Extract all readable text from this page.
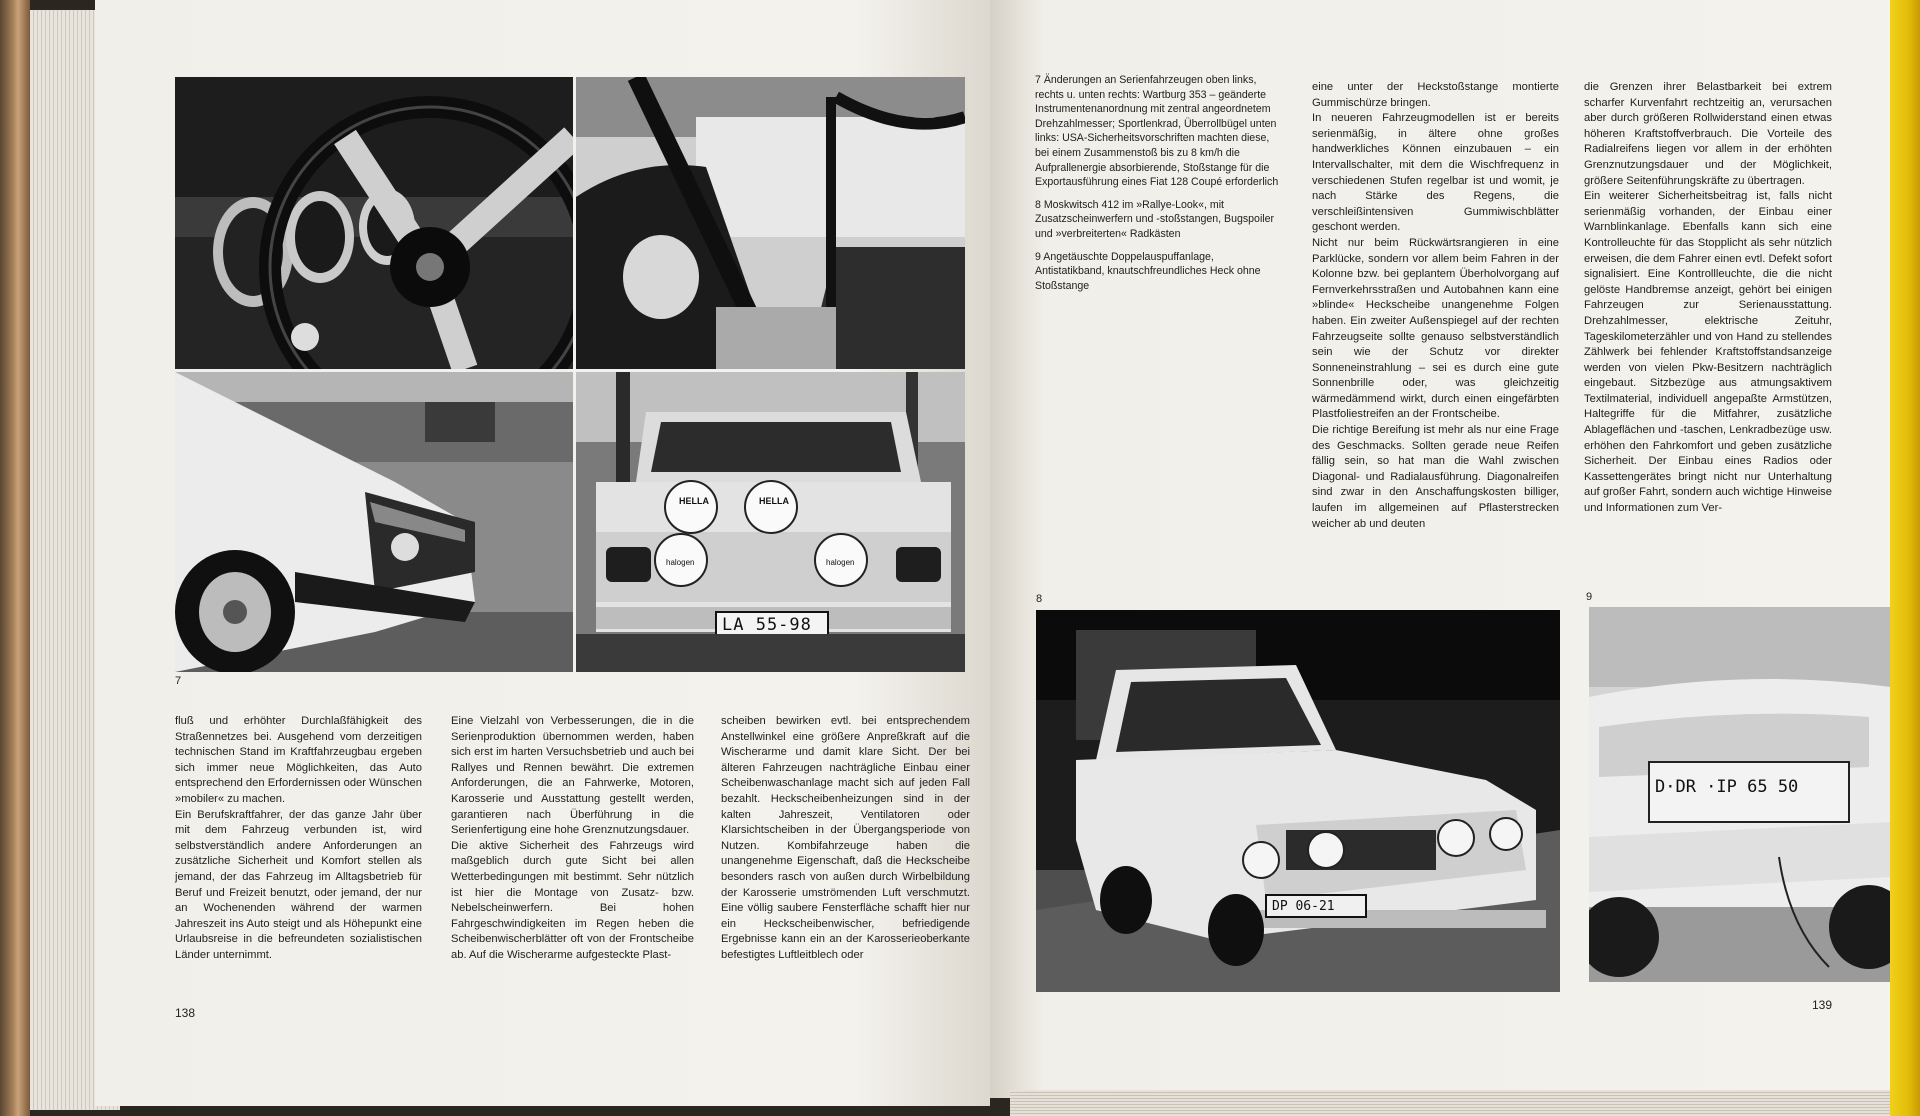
HELLA	HELLA
halogen	halogen
LA 55-98
7

fluß und erhöhter Durchlaßfähigkeit des Straßennetzes bei. Ausgehend vom derzeitigen technischen Stand im Kraftfahrzeugbau ergeben sich immer neue Möglichkeiten, das Auto entsprechend den Erfordernissen oder Wünschen »mobiler« zu machen.

Ein Berufskraftfahrer, der das ganze Jahr über mit dem Fahrzeug verbunden ist, wird selbstverständlich andere Anforderungen an zusätzliche Sicherheit und Komfort stellen als jemand, der das Fahrzeug im Alltagsbetrieb für Beruf und Freizeit benutzt, oder jemand, der nur an Wochenenden während der warmen Jahreszeit ins Auto steigt und als Höhepunkt eine Urlaubsreise in die befreundeten sozialistischen Länder unternimmt.

Eine Vielzahl von Verbesserungen, die in die Serienproduktion übernommen werden, haben sich erst im harten Versuchsbetrieb und auch bei Rallyes und Rennen bewährt. Die extremen Anforderungen, die an Fahrwerke, Motoren, Karosserie und Ausstattung gestellt werden, garantieren nach Überführung in die Serienfertigung eine hohe Grenznutzungsdauer.

Die aktive Sicherheit des Fahrzeugs wird maßgeblich durch gute Sicht bei allen Wetterbedingungen mit bestimmt. Sehr nützlich ist hier die Montage von Zusatz- bzw. Nebelscheinwerfern. Bei hohen Fahrgeschwindigkeiten im Regen heben die Scheibenwischerblätter oft von der Frontscheibe ab. Auf die Wischerarme aufgesteckte Plast-

scheiben bewirken evtl. bei entsprechendem Anstellwinkel eine größere Anpreßkraft auf die Wischerarme und damit klare Sicht. Der bei älteren Fahrzeugen nachträgliche Einbau einer Scheibenwaschanlage macht sich auf jeden Fall bezahlt. Heckscheibenheizungen sind in der kalten Jahreszeit, Ventilatoren oder Klarsichtscheiben in der Übergangsperiode von Nutzen. Kombifahrzeuge haben die unangenehme Eigenschaft, daß die Heckscheibe besonders rasch von außen durch Wirbelbildung der Karosserie umströmenden Luft verschmutzt. Eine völlig saubere Fensterfläche schafft hier nur ein Heckscheibenwischer, befriedigende Ergebnisse kann ein an der Karosserieoberkante befestigtes Luftleitblech oder

138

7 Änderungen an Serienfahrzeugen oben links, rechts u. unten rechts: Wartburg 353 – geänderte Instrumentenanordnung mit zentral angeordnetem Drehzahlmesser; Sportlenkrad, Überrollbügel unten links: USA-Sicherheitsvorschriften machten diese, bei einem Zusammenstoß bis zu 8 km/h die Aufprallenergie absorbierende, Stoßstange für die Exportausführung eines Fiat 128 Coupé erforderlich

8 Moskwitsch 412 im »Rallye-Look«, mit Zusatzscheinwerfern und -stoßstangen, Bugspoiler und »verbreiterten« Radkästen

9 Angetäuschte Doppelauspuffanlage, Antistatikband, knautschfreundliches Heck ohne Stoßstange

eine unter der Heckstoßstange montierte Gummischürze bringen.

In neueren Fahrzeugmodellen ist er bereits serienmäßig, in ältere ohne großes handwerkliches Können einzubauen – ein Intervallschalter, mit dem die Wischfrequenz in verschiedenen Stufen regelbar ist und womit, je nach Stärke des Regens, die verschleißintensiven Gummiwischblätter geschont werden.

Nicht nur beim Rückwärtsrangieren in eine Parklücke, sondern vor allem beim Fahren in der Kolonne bzw. bei geplantem Überholvorgang auf Fernverkehrsstraßen und Autobahnen kann eine »blinde« Heckscheibe unangenehme Folgen haben. Ein zweiter Außenspiegel auf der rechten Fahrzeugseite sollte genauso selbstverständlich sein wie der Schutz vor direkter Sonneneinstrahlung – sei es durch eine gute Sonnenbrille oder, was gleichzeitig wärmedämmend wirkt, durch einen eingefärbten Plastfoliestreifen an der Frontscheibe.

Die richtige Bereifung ist mehr als nur eine Frage des Geschmacks. Sollten gerade neue Reifen fällig sein, so hat man die Wahl zwischen Diagonal- und Radialausführung. Diagonalreifen sind zwar in den Anschaffungskosten billiger, laufen im allgemeinen auf Pflasterstrecken weicher ab und deuten

die Grenzen ihrer Belastbarkeit bei extrem scharfer Kurvenfahrt rechtzeitig an, verursachen aber durch größeren Rollwiderstand einen etwas höheren Kraftstoffverbrauch. Die Vorteile des Radialreifens liegen vor allem in der erhöhten Grenznutzungsdauer und der Möglichkeit, größere Seitenführungskräfte zu übertragen.

Ein weiterer Sicherheitsbeitrag ist, falls nicht serienmäßig vorhanden, der Einbau einer Warnblinkanlage. Ebenfalls kann sich eine Kontrolleuchte für das Stopplicht als sehr nützlich erweisen, die dem Fahrer einen evtl. Defekt sofort signalisiert. Eine Kontrollleuchte, die die nicht gelöste Handbremse anzeigt, gehört bei einigen Fahrzeugen zur Serienausstattung. Drehzahlmesser, elektrische Zeituhr, Tageskilometerzähler und von Hand zu stellendes Zählwerk bei fehlender Kraftstoffstandsanzeige werden von vielen Pkw-Besitzern nachträglich eingebaut. Sitzbezüge aus atmungsaktivem Textilmaterial, individuell angepaßte Armstützen, Haltegriffe für die Mitfahrer, zusätzliche Ablageflächen und -taschen, Lenkradbezüge usw. erhöhen den Fahrkomfort und geben zusätzliche Sicherheit. Der Einbau eines Radios oder Kassettengerätes bringt nicht nur Unterhaltung auf großer Fahrt, sondern auch wichtige Hinweise und Informationen zum Ver-

8	9
DP 06-21
D·DR ·IP 65 50
139
